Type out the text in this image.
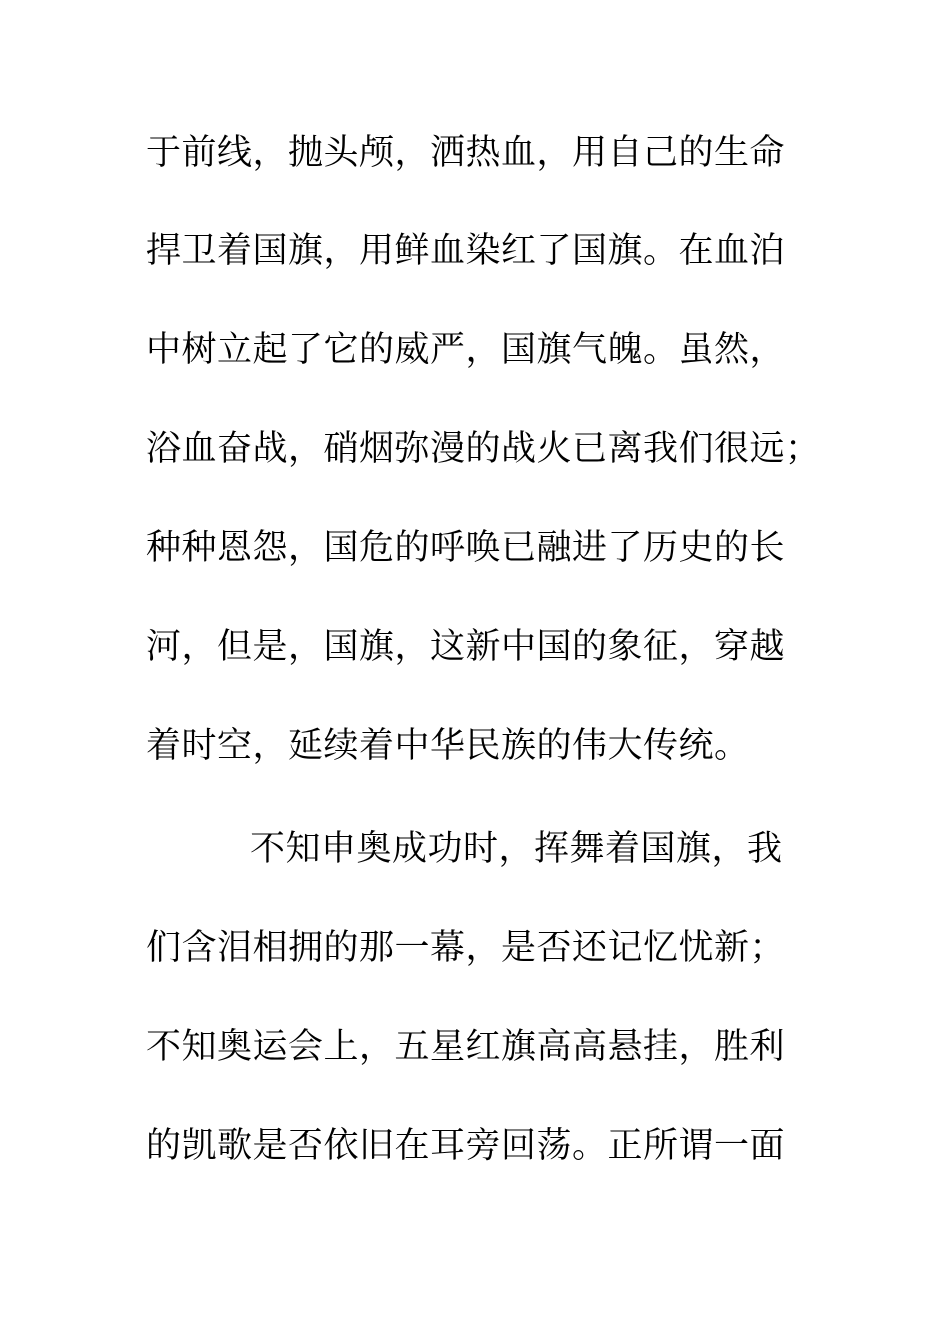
于前线，抛头颅，洒热血，用自己的生命
捍卫着国旗，用鲜血染红了国旗。在血泊
中树立起了它的威严，国旗气魄。虽然，
浴血奋战，硝烟弥漫的战火已离我们很远；
种种恩怨，国危的呼唤已融进了历史的长
河，但是，国旗，这新中国的象征，穿越
着时空，延续着中华民族的伟大传统。
不知申奥成功时，挥舞着国旗，我
们含泪相拥的那一幕，是否还记忆忧新；
不知奥运会上，五星红旗高高悬挂，胜利
的凯歌是否依旧在耳旁回荡。正所谓一面
